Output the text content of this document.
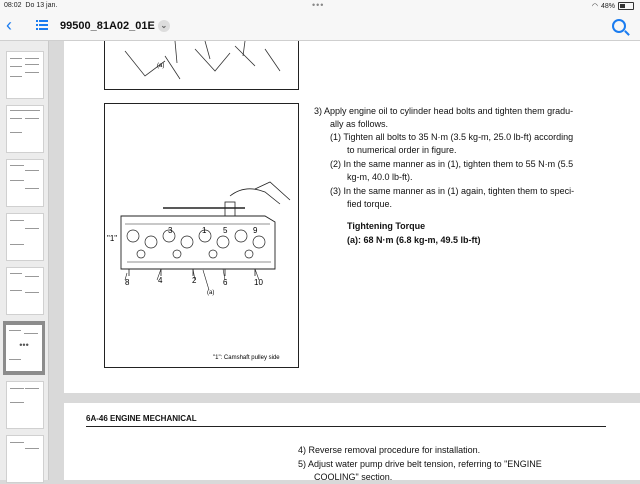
08:02 Do 13 jan.	•••	◠ 48%
‹	99500_81A02_01E ⌄
•••
(a)
"1"
3	1 5	9
8	4	2	6	10
(a)
"1": Camshaft pulley side
3) Apply engine oil to cylinder head bolts and tighten them gradu-
ally as follows.
(1) Tighten all bolts to 35 N·m (3.5 kg-m, 25.0 lb-ft) according
to numerical order in figure.
(2) In the same manner as in (1), tighten them to 55 N·m (5.5
kg-m, 40.0 lb-ft).
(3) In the same manner as in (1) again, tighten them to speci-
fied torque.
Tightening Torque
(a): 68 N·m (6.8 kg-m, 49.5 lb-ft)
6A-46 ENGINE MECHANICAL
4) Reverse removal procedure for installation.
5) Adjust water pump drive belt tension, referring to "ENGINE
COOLING" section.
